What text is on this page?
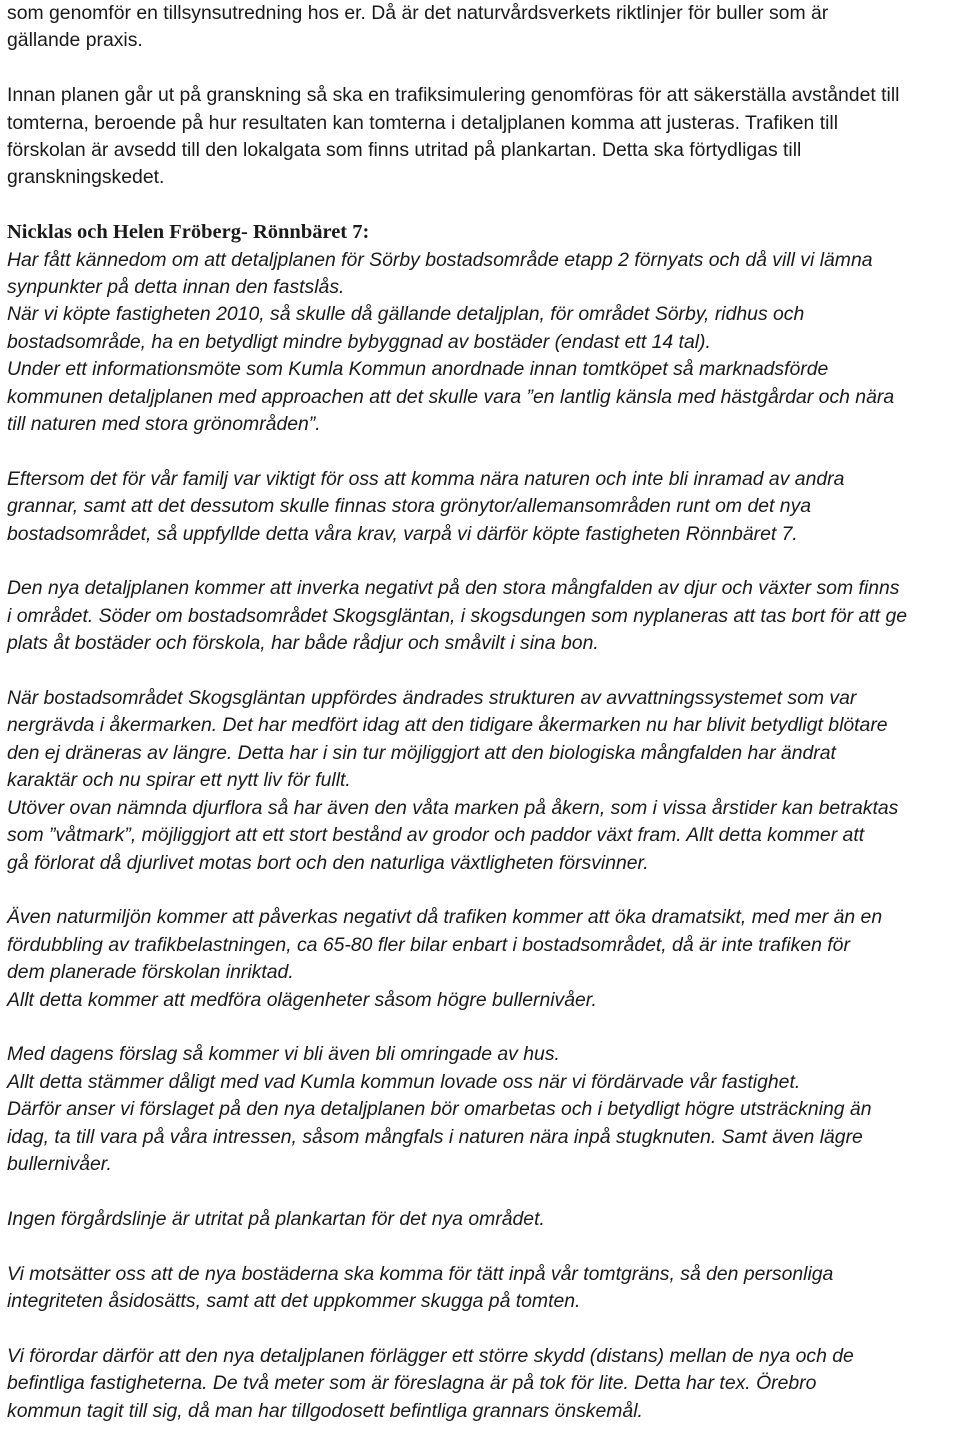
som genomför en tillsynsutredning hos er. Då är det naturvårdsverkets riktlinjer för buller som är
gällande praxis.

Innan planen går ut på granskning så ska en trafiksimulering genomföras för att säkerställa avståndet till
tomterna, beroende på hur resultaten kan tomterna i detaljplanen komma att justeras. Trafiken till
förskolan är avsedd till den lokalgata som finns utritad på plankartan. Detta ska förtydligas till
granskningskedet.

Nicklas och Helen Fröberg- Rönnbäret 7:

Har fått kännedom om att detaljplanen för Sörby bostadsområde etapp 2 förnyats och då vill vi lämna
synpunkter på detta innan den fastslås.
När vi köpte fastigheten 2010, så skulle då gällande detaljplan, för området Sörby, ridhus och
bostadsområde, ha en betydligt mindre bybyggnad av bostäder (endast ett 14 tal).
Under ett informationsmöte som Kumla Kommun anordnade innan tomtköpet så marknadsförde
kommunen detaljplanen med approachen att det skulle vara ”en lantlig känsla med hästgårdar och nära
till naturen med stora grönområden”.

Eftersom det för vår familj var viktigt för oss att komma nära naturen och inte bli inramad av andra
grannar, samt att det dessutom skulle finnas stora grönytor/allemansområden runt om det nya
bostadsområdet, så uppfyllde detta våra krav, varpå vi därför köpte fastigheten Rönnbäret 7.

Den nya detaljplanen kommer att inverka negativt på den stora mångfalden av djur och växter som finns
i området. Söder om bostadsområdet Skogsgläntan, i skogsdungen som nyplaneras att tas bort för att ge
plats åt bostäder och förskola, har både rådjur och småvilt i sina bon.

När bostadsområdet Skogsgläntan uppfördes ändrades strukturen av avvattningssystemet som var
nergrävda i åkermarken. Det har medfört idag att den tidigare åkermarken nu har blivit betydligt blötare
den ej dräneras av längre. Detta har i sin tur möjliggjort att den biologiska mångfalden har ändrat
karaktär och nu spirar ett nytt liv för fullt.
Utöver ovan nämnda djurflora så har även den våta marken på åkern, som i vissa årstider kan betraktas
som ”våtmark”, möjliggjort att ett stort bestånd av grodor och paddor växt fram. Allt detta kommer att
gå förlorat då djurlivet motas bort och den naturliga växtligheten försvinner.

Även naturmiljön kommer att påverkas negativt då trafiken kommer att öka dramatsikt, med mer än en
fördubbling av trafikbelastningen, ca 65-80 fler bilar enbart i bostadsområdet, då är inte trafiken för
dem planerade förskolan inriktad.
Allt detta kommer att medföra olägenheter såsom högre bullernivåer.

Med dagens förslag så kommer vi bli även bli omringade av hus.
Allt detta stämmer dåligt med vad Kumla kommun lovade oss när vi fördärvade vår fastighet.
Därför anser vi förslaget på den nya detaljplanen bör omarbetas och i betydligt högre utsträckning än
idag, ta till vara på våra intressen, såsom mångfals i naturen nära inpå stugknuten. Samt även lägre
bullernivåer.

Ingen förgårdslinje är utritat på plankartan för det nya området.

Vi motsätter oss att de nya bostäderna ska komma för tätt inpå vår tomtgräns, så den personliga
integriteten åsidosätts, samt att det uppkommer skugga på tomten.

Vi förordar därför att den nya detaljplanen förlägger ett större skydd (distans) mellan de nya och de
befintliga fastigheterna. De två meter som är föreslagna är på tok för lite. Detta har tex. Örebro
kommun tagit till sig, då man har tillgodosett befintliga grannars önskemål.
